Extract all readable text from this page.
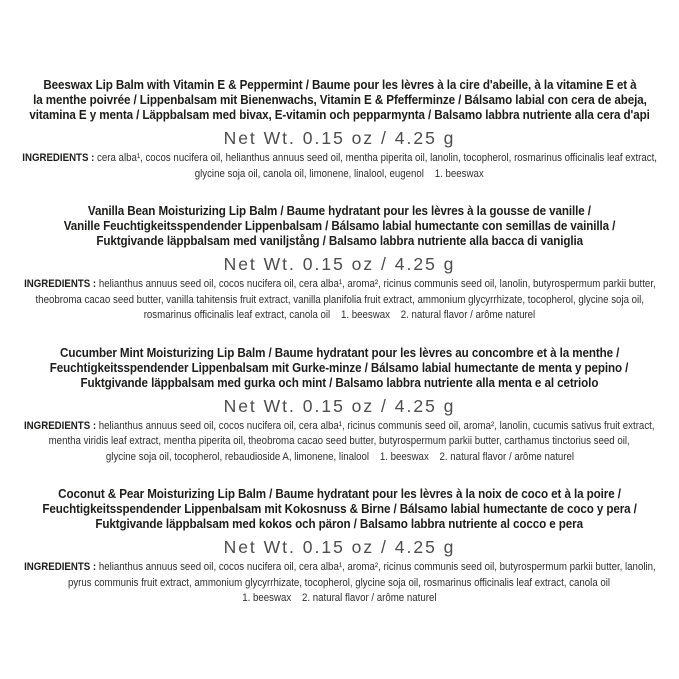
Beeswax Lip Balm with Vitamin E & Peppermint / Baume pour les lèvres à la cire d'abeille, à la vitamine E et à
la menthe poivrée / Lippenbalsam mit Bienenwachs, Vitamin E & Pfefferminze / Bálsamo labial con cera de abeja,
vitamina E y menta / Läppbalsam med bivax, E-vitamin och pepparmynta / Balsamo labbra nutriente alla cera d'api
Net Wt. 0.15 oz / 4.25 g
INGREDIENTS : cera alba¹, cocos nucifera oil, helianthus annuus seed oil, mentha piperita oil, lanolin, tocopherol, rosmarinus officinalis leaf extract,
glycine soja oil, canola oil, limonene, linalool, eugenol    1. beeswax
Vanilla Bean Moisturizing Lip Balm / Baume hydratant pour les lèvres à la gousse de vanille /
Vanille Feuchtigkeitsspendender Lippenbalsam / Bálsamo labial humectante con semillas de vainilla /
Fuktgivande läppbalsam med vaniljstång / Balsamo labbra nutriente alla bacca di vaniglia
Net Wt. 0.15 oz / 4.25 g
INGREDIENTS : helianthus annuus seed oil, cocos nucifera oil, cera alba¹, aroma², ricinus communis seed oil, lanolin, butyrospermum parkii butter,
theobroma cacao seed butter, vanilla tahitensis fruit extract, vanilla planifolia fruit extract, ammonium glycyrrhizate, tocopherol, glycine soja oil,
rosmarinus officinalis leaf extract, canola oil    1. beeswax    2. natural flavor / arôme naturel
Cucumber Mint Moisturizing Lip Balm / Baume hydratant pour les lèvres au concombre et à la menthe /
Feuchtigkeitsspendender Lippenbalsam mit Gurke-minze / Bálsamo labial humectante de menta y pepino /
Fuktgivande läppbalsam med gurka och mint / Balsamo labbra nutriente alla menta e al cetriolo
Net Wt. 0.15 oz / 4.25 g
INGREDIENTS : helianthus annuus seed oil, cocos nucifera oil, cera alba¹, ricinus communis seed oil, aroma², lanolin, cucumis sativus fruit extract,
mentha viridis leaf extract, mentha piperita oil, theobroma cacao seed butter, butyrospermum parkii butter, carthamus tinctorius seed oil,
glycine soja oil, tocopherol, rebaudioside A, limonene, linalool    1. beeswax    2. natural flavor / arôme naturel
Coconut & Pear Moisturizing Lip Balm / Baume hydratant pour les lèvres à la noix de coco et à la poire /
Feuchtigkeitsspendender Lippenbalsam mit Kokosnuss & Birne / Bálsamo labial humectante de coco y pera /
Fuktgivande läppbalsam med kokos och päron / Balsamo labbra nutriente al cocco e pera
Net Wt. 0.15 oz / 4.25 g
INGREDIENTS : helianthus annuus seed oil, cocos nucifera oil, cera alba¹, aroma², ricinus communis seed oil, butyrospermum parkii butter, lanolin,
pyrus communis fruit extract, ammonium glycyrrhizate, tocopherol, glycine soja oil, rosmarinus officinalis leaf extract, canola oil
1. beeswax    2. natural flavor / arôme naturel
